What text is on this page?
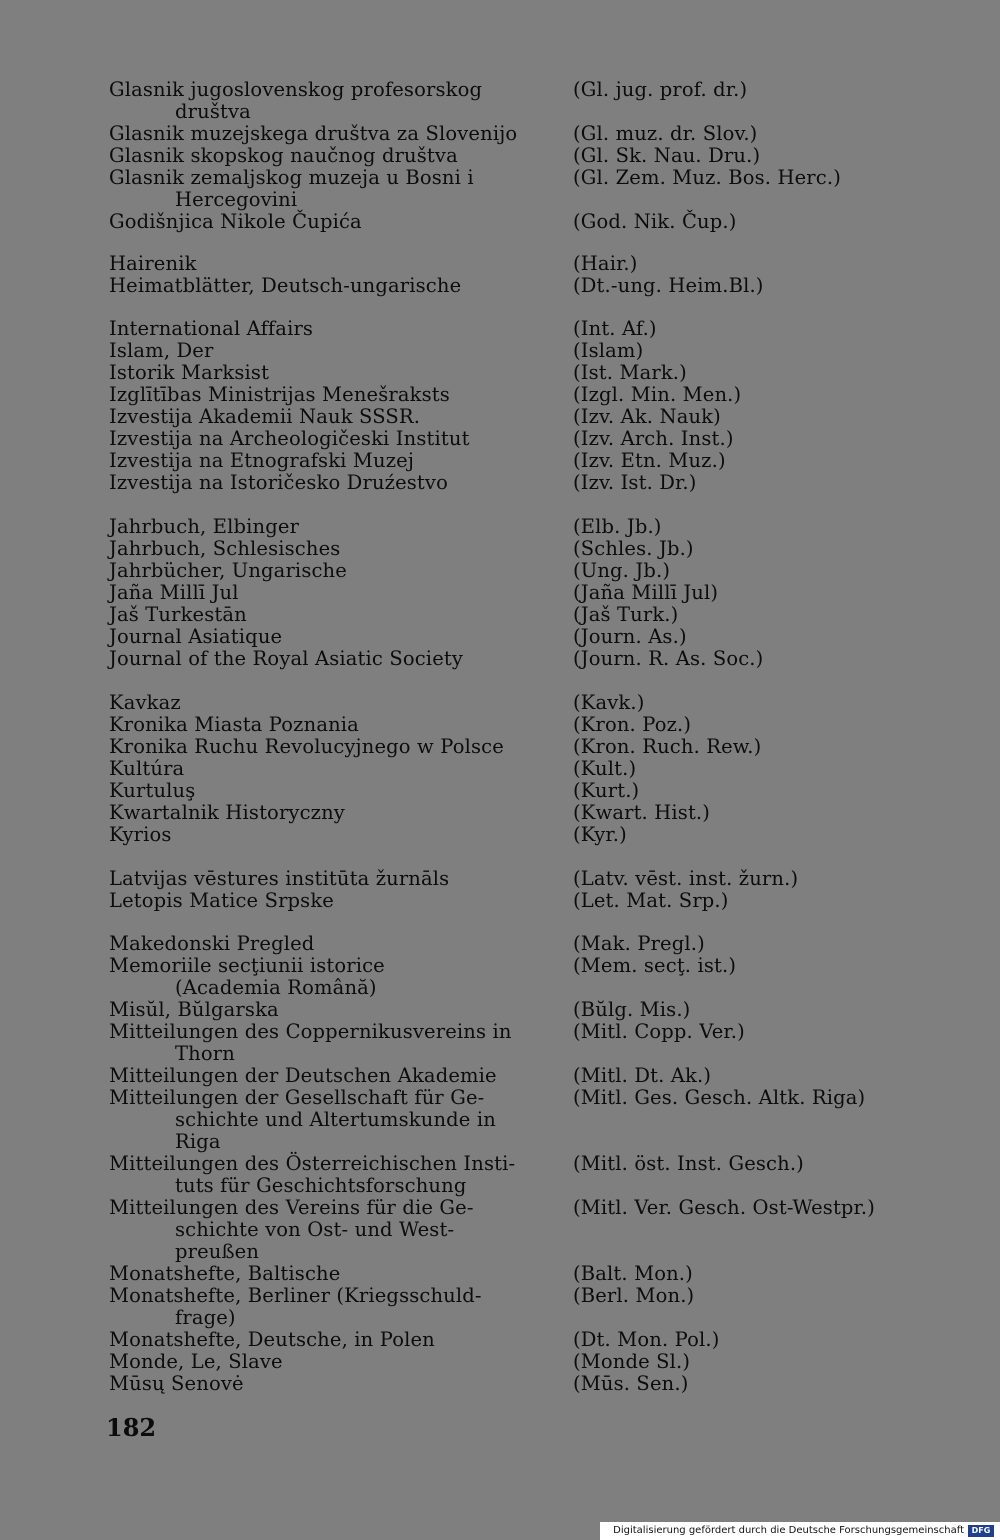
Glasnik jugoslovenskog profesorskog	(Gl. jug. prof. dr.)
društva
Glasnik muzejskega društva za Slovenijo	(Gl. muz. dr. Slov.)
Glasnik skopskog naučnog društva	(Gl. Sk. Nau. Dru.)
Glasnik zemaljskog muzeja u Bosni i	(Gl. Zem. Muz. Bos. Herc.)
Hercegovini
Godišnjica Nikole Čupića	(God. Nik. Čup.)
Hairenik	(Hair.)
Heimatblätter, Deutsch-ungarische	(Dt.-ung. Heim.Bl.)
International Affairs	(Int. Af.)
Islam, Der	(Islam)
Istorik Marksist	(Ist. Mark.)
Izglītības Ministrijas Menešraksts	(Izgl. Min. Men.)
Izvestija Akademii Nauk SSSR.	(Izv. Ak. Nauk)
Izvestija na Archeologičeski Institut	(Izv. Arch. Inst.)
Izvestija na Etnografski Muzej	(Izv. Etn. Muz.)
Izvestija na Istoričesko Druźestvo	(Izv. Ist. Dr.)
Jahrbuch, Elbinger	(Elb. Jb.)
Jahrbuch, Schlesisches	(Schles. Jb.)
Jahrbücher, Ungarische	(Ung. Jb.)
Jaña Millī Jul	(Jaña Millī Jul)
Jaš Turkestān	(Jaš Turk.)
Journal Asiatique	(Journ. As.)
Journal of the Royal Asiatic Society	(Journ. R. As. Soc.)
Kavkaz	(Kavk.)
Kronika Miasta Poznania	(Kron. Poz.)
Kronika Ruchu Revolucyjnego w Polsce	(Kron. Ruch. Rew.)
Kultúra	(Kult.)
Kurtuluş	(Kurt.)
Kwartalnik Historyczny	(Kwart. Hist.)
Kyrios	(Kyr.)
Latvijas vēstures institūta žurnāls	(Latv. vēst. inst. žurn.)
Letopis Matice Srpske	(Let. Mat. Srp.)
Makedonski Pregled	(Mak. Pregl.)
Memoriile secţiunii istorice	(Mem. secţ. ist.)
(Academia Română)
Misŭl, Bŭlgarska	(Bŭlg. Mis.)
Mitteilungen des Coppernikusvereins in	(Mitl. Copp. Ver.)
Thorn
Mitteilungen der Deutschen Akademie	(Mitl. Dt. Ak.)
Mitteilungen der Gesellschaft für Ge-	(Mitl. Ges. Gesch. Altk. Riga)
schichte und Altertumskunde in
Riga
Mitteilungen des Österreichischen Insti-	(Mitl. öst. Inst. Gesch.)
tuts für Geschichtsforschung
Mitteilungen des Vereins für die Ge-	(Mitl. Ver. Gesch. Ost-Westpr.)
schichte von Ost- und West-
preußen
Monatshefte, Baltische	(Balt. Mon.)
Monatshefte, Berliner (Kriegsschuld-	(Berl. Mon.)
frage)
Monatshefte, Deutsche, in Polen	(Dt. Mon. Pol.)
Monde, Le, Slave	(Monde Sl.)
Mūsų Senovė	(Mūs. Sen.)
182
Digitalisierung gefördert durch die Deutsche Forschungsgemeinschaft DFG
